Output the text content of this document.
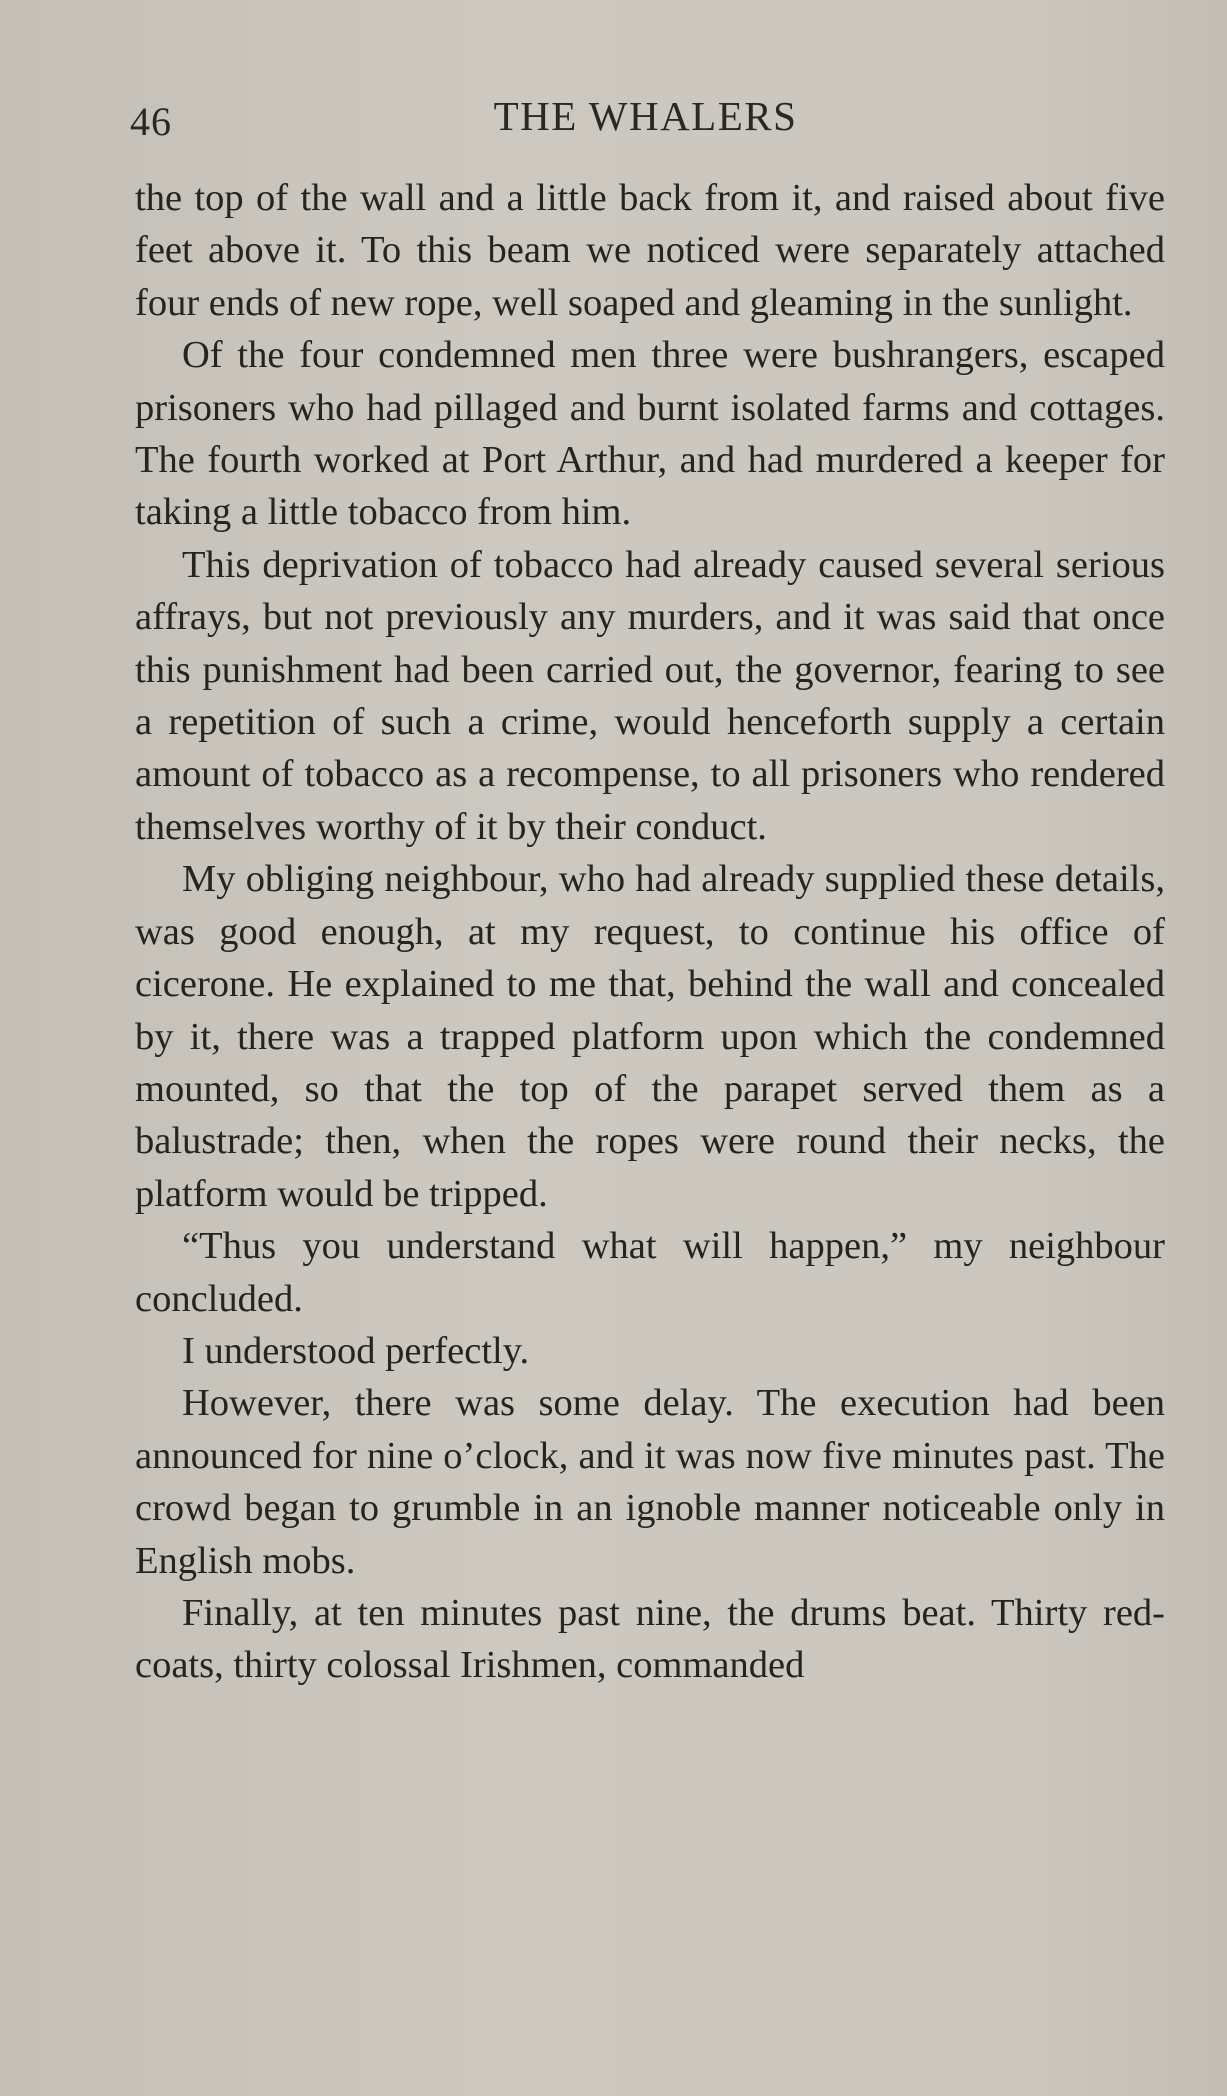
46	THE WHALERS

the top of the wall and a little back from it, and raised about five feet above it. To this beam we noticed were separately attached four ends of new rope, well soaped and gleaming in the sunlight.

Of the four condemned men three were bushrangers, escaped prisoners who had pillaged and burnt isolated farms and cottages. The fourth worked at Port Arthur, and had murdered a keeper for taking a little tobacco from him.

This deprivation of tobacco had already caused several serious affrays, but not previously any murders, and it was said that once this punishment had been carried out, the governor, fearing to see a repetition of such a crime, would henceforth supply a certain amount of tobacco as a recompense, to all prisoners who rendered themselves worthy of it by their conduct.

My obliging neighbour, who had already supplied these details, was good enough, at my request, to continue his office of cicerone. He explained to me that, behind the wall and concealed by it, there was a trapped platform upon which the condemned mounted, so that the top of the parapet served them as a balustrade; then, when the ropes were round their necks, the platform would be tripped.

“Thus you understand what will happen,” my neighbour concluded.

I understood perfectly.

However, there was some delay. The execution had been announced for nine o’clock, and it was now five minutes past. The crowd began to grumble in an ignoble manner noticeable only in English mobs.

Finally, at ten minutes past nine, the drums beat. Thirty red-coats, thirty colossal Irishmen, commanded
